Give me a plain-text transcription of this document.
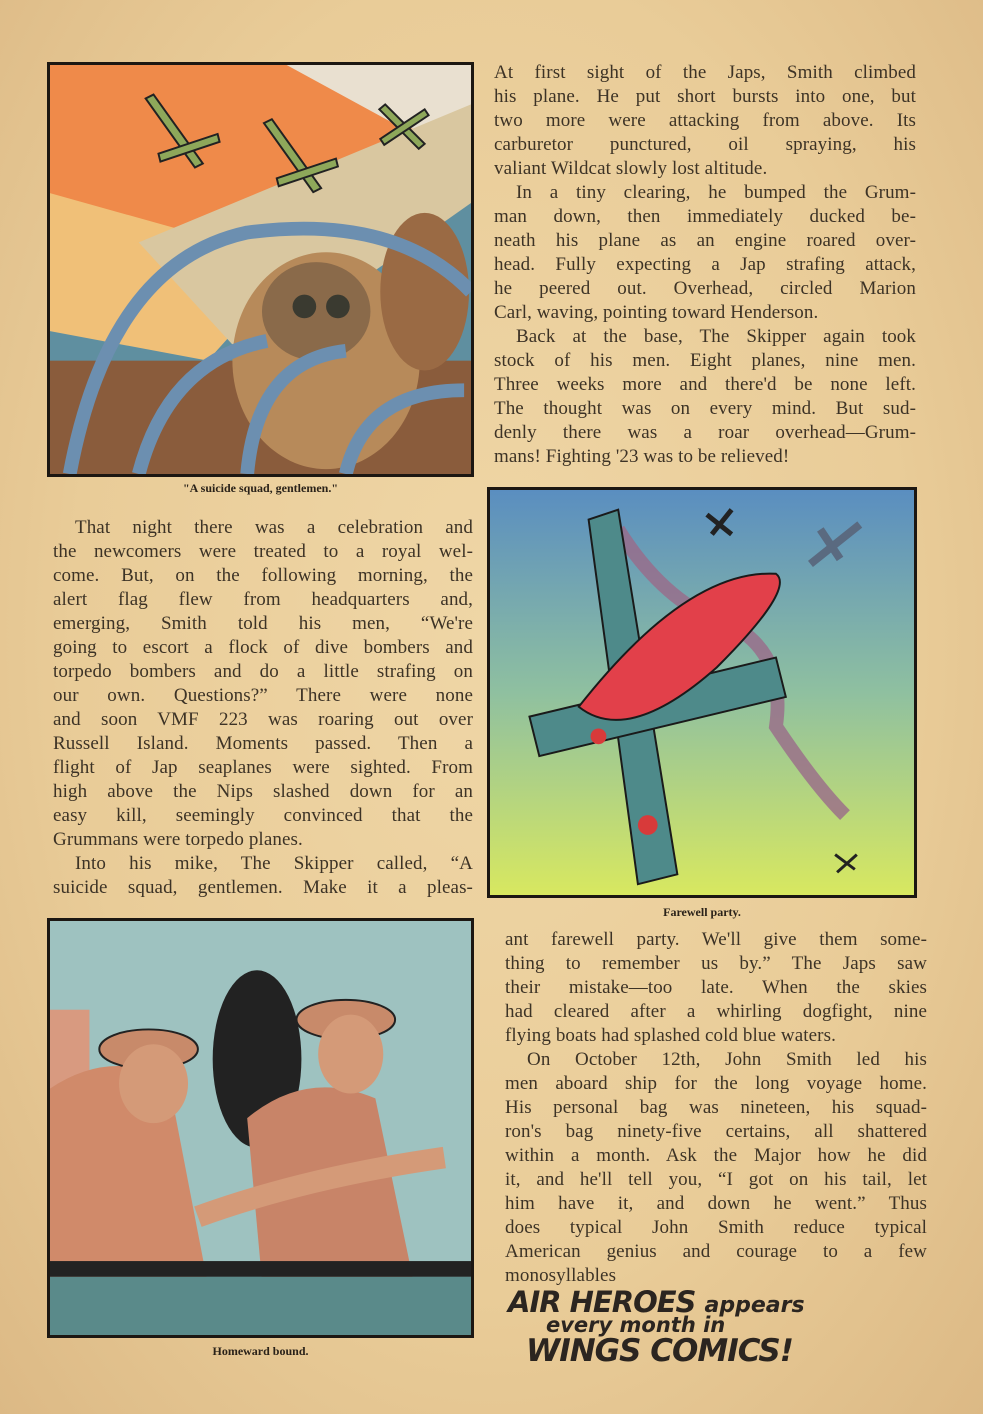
"A suicide squad, gentlemen."
Farewell party.
Homeward bound.
At first sight of the Japs, Smith climbed
his plane. He put short bursts into one, but
two more were attacking from above. Its
carburetor punctured, oil spraying, his
valiant Wildcat slowly lost altitude.
In a tiny clearing, he bumped the Grum-
man down, then immediately ducked be-
neath his plane as an engine roared over-
head. Fully expecting a Jap strafing attack,
he peered out. Overhead, circled Marion
Carl, waving, pointing toward Henderson.
Back at the base, The Skipper again took
stock of his men. Eight planes, nine men.
Three weeks more and there'd be none left.
The thought was on every mind. But sud-
denly there was a roar overhead—Grum-
mans! Fighting '23 was to be relieved!
That night there was a celebration and
the newcomers were treated to a royal wel-
come. But, on the following morning, the
alert flag flew from headquarters and,
emerging, Smith told his men, “We're
going to escort a flock of dive bombers and
torpedo bombers and do a little strafing on
our own. Questions?” There were none
and soon VMF 223 was roaring out over
Russell Island. Moments passed. Then a
flight of Jap seaplanes were sighted. From
high above the Nips slashed down for an
easy kill, seemingly convinced that the
Grummans were torpedo planes.
Into his mike, The Skipper called, “A
suicide squad, gentlemen. Make it a pleas-
ant farewell party. We'll give them some-
thing to remember us by.” The Japs saw
their mistake—too late. When the skies
had cleared after a whirling dogfight, nine
flying boats had splashed cold blue waters.
On October 12th, John Smith led his
men aboard ship for the long voyage home.
His personal bag was nineteen, his squad-
ron's bag ninety-five certains, all shattered
within a month. Ask the Major how he did
it, and he'll tell you, “I got on his tail, let
him have it, and down he went.” Thus
does typical John Smith reduce typical
American genius and courage to a few
monosyllables
AIR HEROES appears
every month in
WINGS COMICS!
